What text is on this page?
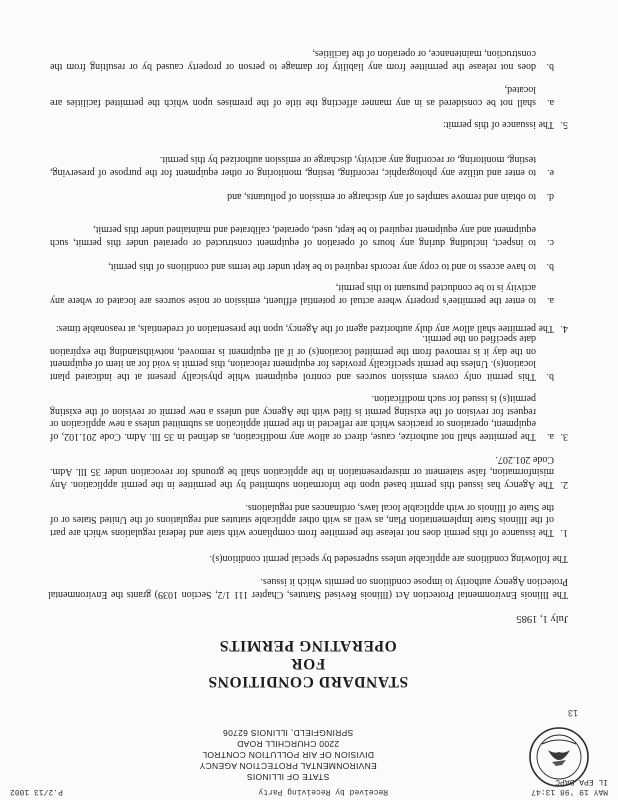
MAY 19 '98 13:47
IL EPA DAPC
Received by Receiving Party
P.2/13 1002
STATE OF ILLINOIS
ENVIRONMENTAL PROTECTION AGENCY
DIVISION OF AIR POLLUTION CONTROL
2200 CHURCHILL ROAD
SPRINGFIELD, ILLINOIS 62706
13
STANDARD CONDITIONS
FOR
OPERATING PERMITS
July 1, 1985
The Illinois Environmental Protection Act (Illinois Revised Statutes, Chapter 111 1/2, Section 1039) grants the Environmental Protection Agency authority to impose conditions on permits which it issues.
The following conditions are applicable unless superseded by special permit condition(s).
1.
The issuance of this permit does not release the permittee from compliance with state and federal regulations which are part of the Illinois State Implementation Plan, as well as with other applicable statutes and regulations of the United States or of the State of Illinois or with applicable local laws, ordinances and regulations.
2.
The Agency has issued this permit based upon the information submitted by the permittee in the permit application. Any misinformation, false statement or misrepresentation in the application shall be grounds for revocation under 35 Ill. Adm. Code 201.207.
3.
a.
The permittee shall not authorize, cause, direct or allow any modification, as defined in 35 Ill. Adm. Code 201.102, of equipment, operations or practices which are reflected in the permit application as submitted unless a new application or request for revision of the existing permit is filed with the Agency and unless a new permit or revision of the existing permit(s) is issued for such modification.
b.
This permit only covers emission sources and control equipment while physically present at the indicated plant location(s). Unless the permit specifically provides for equipment relocation, this permit is void for an item of equipment on the day it is removed from the permitted location(s) or if all equipment is removed, notwithstanding the expiration date specified on the permit.
4.
The permittee shall allow any duly authorized agent of the Agency, upon the presentation of credentials, at reasonable times:
a.
to enter the permittee's property where actual or potential effluent, emission or noise sources are located or where any activity is to be conducted pursuant to this permit,
b.
to have access to and to copy any records required to be kept under the terms and conditions of this permit,
c.
to inspect, including during any hours of operation of equipment constructed or operated under this permit, such equipment and any equipment required to be kept, used, operated, calibrated and maintained under this permit,
d.
to obtain and remove samples of any discharge or emission of pollutants, and
e.
to enter and utilize any photographic, recording, testing, monitoring or other equipment for the purpose of preserving, testing, monitoring, or recording any activity, discharge or emission authorized by this permit.
5.
The issuance of this permit:
a.
shall not be considered as in any manner affecting the title of the premises upon which the permitted facilities are located,
b.
does not release the permittee from any liability for damage to person or property caused by or resulting from the construction, maintenance, or operation of the facilities,
